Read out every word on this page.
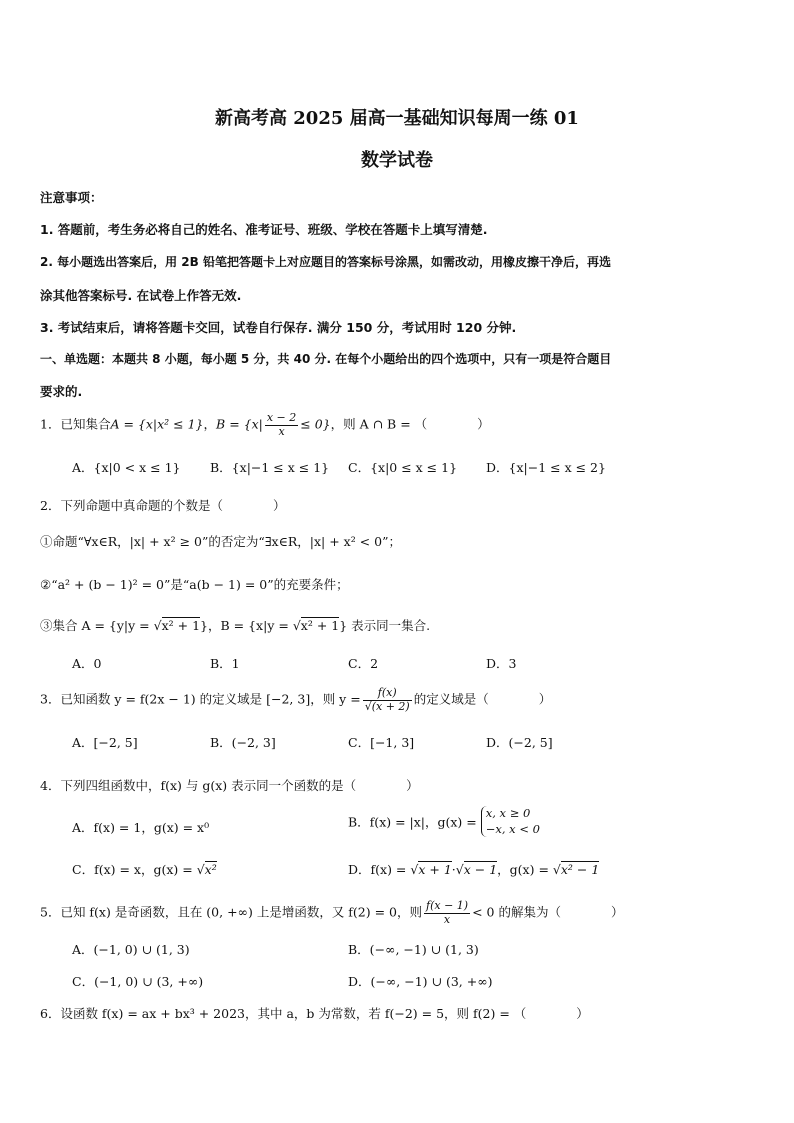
新高考高 2025 届高一基础知识每周一练 01
数学试卷
注意事项：
1. 答题前，考生务必将自己的姓名、准考证号、班级、学校在答题卡上填写清楚.
2. 每小题选出答案后，用 2B 铅笔把答题卡上对应题目的答案标号涂黑，如需改动，用橡皮擦干净后，再选
涂其他答案标号. 在试卷上作答无效.
3. 考试结束后，请将答题卡交回，试卷自行保存. 满分 150 分，考试用时 120 分钟.
一、单选题：本题共 8 小题，每小题 5 分，共 40 分. 在每个小题给出的四个选项中，只有一项是符合题目
要求的.
1．已知集合A = {x|x² ≤ 1}，$B = \{x| \frac{x - 2}{x} \le 0\}$，则 A ∩ B = （　　　　）
A．{x|0 < x ≤ 1} B．{x|−1 ≤ x ≤ 1} C．{x|0 ≤ x ≤ 1} D．{x|−1 ≤ x ≤ 2}
2．下列命题中真命题的个数是（　　　　）
①命题“∀x∈R，|x| + x² ≥ 0”的否定为“∃x∈R，|x| + x² < 0”；
②“a² + (b − 1)² = 0”是“a(b − 1) = 0”的充要条件；
③集合 A = {y|y = √x² + 1}，B = {x|y = √x² + 1} 表示同一集合.
A．0	B．1	C．2	D．3
3．已知函数 y = f(2x − 1) 的定义域是 [−2, 3]，则 $y = \frac{f(x)}{√(x + 2)}$ 的定义域是（　　　　）
A．[−2, 5]	B．(−2, 3]	C．[−1, 3]	D．(−2, 5]
4．下列四组函数中，f(x) 与 g(x) 表示同一个函数的是（　　　　）
A．f(x) = 1，g(x) = x⁰	B．f(x) = |x|，g(x) =
x, x ≥ 0
−x, x < 0
C．f(x) = x，g(x) = √x²	D．f(x) = √x + 1·√x − 1，g(x) = √x² − 1
5．已知 f(x) 是奇函数，且在 (0, +∞) 上是增函数，又 f(2) = 0，则 $\frac{f(x - 1)}{x} < 0$ 的解集为（　　　　）
A．(−1, 0) ∪ (1, 3)	B．(−∞, −1) ∪ (1, 3)
C．(−1, 0) ∪ (3, +∞)	D．(−∞, −1) ∪ (3, +∞)
6．设函数 f(x) = ax + bx³ + 2023，其中 a，b 为常数，若 f(−2) = 5，则 f(2) = （　　　　）
